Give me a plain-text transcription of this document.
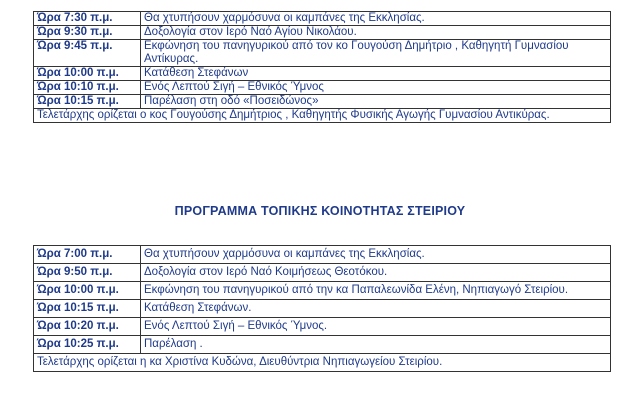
Ώρα 7:30 π.μ.	Θα χτυπήσουν χαρμόσυνα οι καμπάνες της Εκκλησίας.
Ώρα 9:30 π.μ.	Δοξολογία στον Ιερό Ναό Αγίου Νικολάου.
Ώρα 9:45 π.μ.	Εκφώνηση του πανηγυρικού από τον κο Γουγούση Δημήτριο , Καθηγητή Γυμνασίου Αντίκυρας.
Ώρα 10:00 π.μ.	Κατάθεση Στεφάνων
Ώρα 10:10 π.μ.	Ενός Λεπτού Σιγή – Εθνικός Ύμνος
Ώρα 10:15 π.μ.	Παρέλαση στη οδό «Ποσειδώνος»
Τελετάρχης ορίζεται ο κος Γουγούσης Δημήτριος , Καθηγητής Φυσικής Αγωγής Γυμνασίου Αντικύρας.	
ΠΡΟΓΡΑΜΜΑ ΤΟΠΙΚΗΣ ΚΟΙΝΟΤΗΤΑΣ ΣΤΕΙΡΙΟΥ
Ώρα 7:00 π.μ.	Θα χτυπήσουν χαρμόσυνα οι καμπάνες της Εκκλησίας.
Ώρα 9:50 π.μ.	Δοξολογία στον Ιερό Ναό Κοιμήσεως Θεοτόκου.
Ώρα 10:00 π.μ.	Εκφώνηση του πανηγυρικού από την κα Παπαλεωνίδα Ελένη, Νηπιαγωγό Στειρίου.
Ώρα 10:15 π.μ.	Κατάθεση Στεφάνων.
Ώρα 10:20 π.μ.	Ενός Λεπτού Σιγή – Εθνικός Ύμνος.
Ώρα 10:25 π.μ.	Παρέλαση .
Τελετάρχης ορίζεται η κα Χριστίνα Κυδώνα, Διευθύντρια Νηπιαγωγείου Στειρίου.	
